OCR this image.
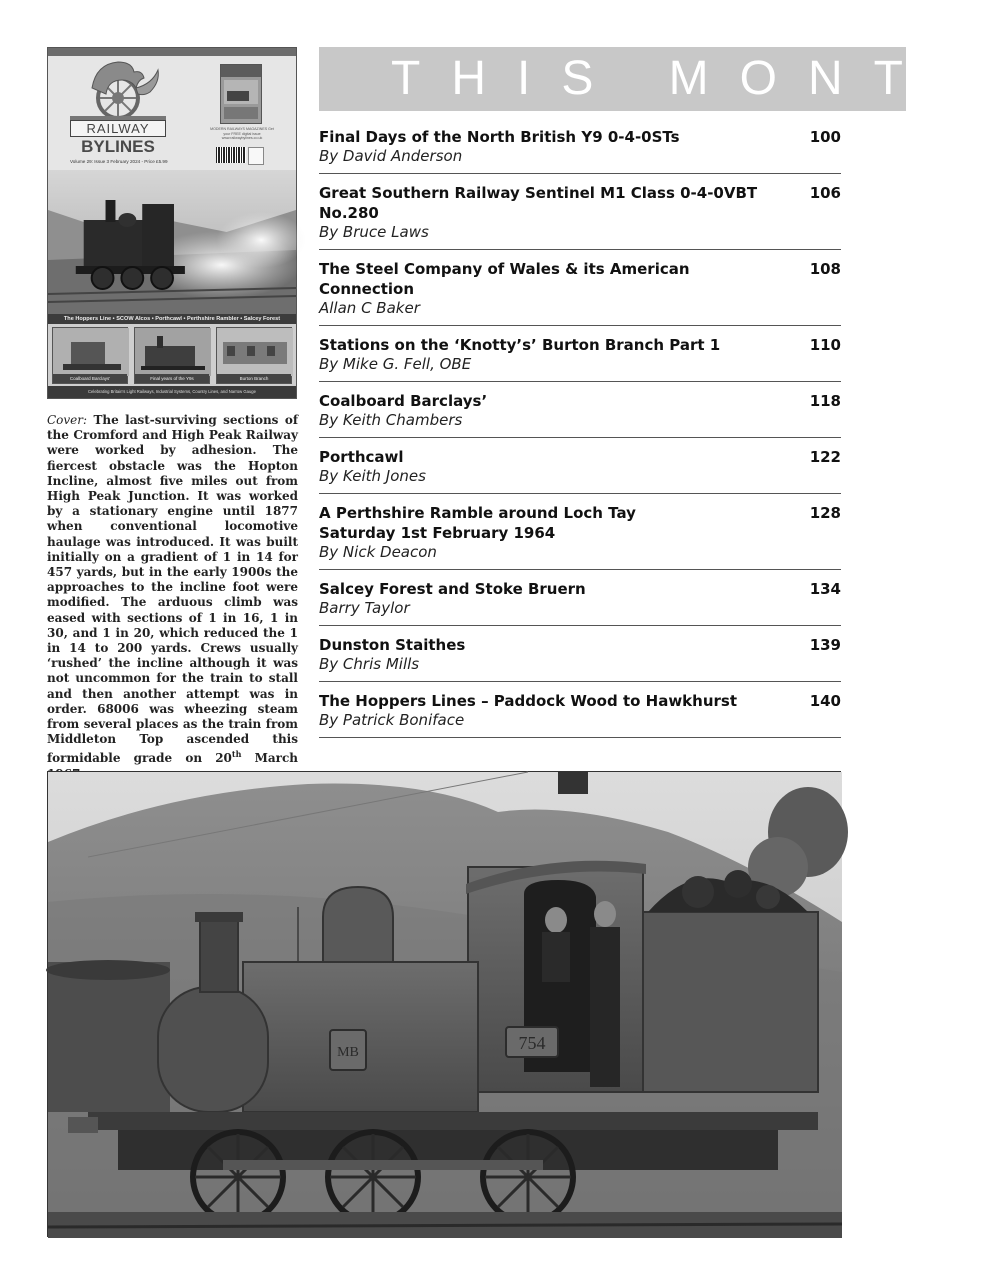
RAILWAY
BYLINES
Volume 29: Issue 3 February 2024 - Price £5.99
MODERN RAILWAYS MAGAZINES Get your FREE digital issue www.railwaybylines.co.uk
The Hoppers Line • SCOW Alcos • Porthcawl • Perthshire Rambler • Salcey Forest
Coalboard Barclays'	Final years of the Y9s	Burton Branch
Celebrating Britain's Light Railways, Industrial Systems, Country Lines, and Narrow Gauge
Cover: The last-surviving sections of the Cromford and High Peak Railway were worked by adhesion. The fiercest obstacle was the Hopton Incline, almost five miles out from High Peak Junction. It was worked by a stationary engine until 1877 when conventional locomotive haulage was introduced. It was built initially on a gradient of 1 in 14 for 457 yards, but in the early 1900s the approaches to the incline foot were modified. The arduous climb was eased with sections of 1 in 16, 1 in 30, and 1 in 20, which reduced the 1 in 14 to 200 yards. Crews usually ‘rushed’ the incline although it was not uncommon for the train to stall and then another attempt was in order. 68006 was wheezing steam from several places as the train from Middleton Top ascended this formidable grade on 20th March
THIS MONTH
Final Days of the North British Y9 0-4-0STs
By David Anderson
100
Great Southern Railway Sentinel M1 Class 0-4-0VBT No.280
By Bruce Laws
106
The Steel Company of Wales & its American Connection
Allan C Baker
108
Stations on the ‘Knotty’s’ Burton Branch Part 1
By Mike G. Fell, OBE
110
Coalboard Barclays’
By Keith Chambers
118
Porthcawl
By Keith Jones
122
A Perthshire Ramble around Loch Tay Saturday 1st February 1964
By Nick Deacon
128
Salcey Forest and Stoke Bruern
Barry Taylor
134
Dunston Staithes
By Chris Mills
139
The Hoppers Lines – Paddock Wood to Hawkhurst
By Patrick Boniface
140
MB	754
